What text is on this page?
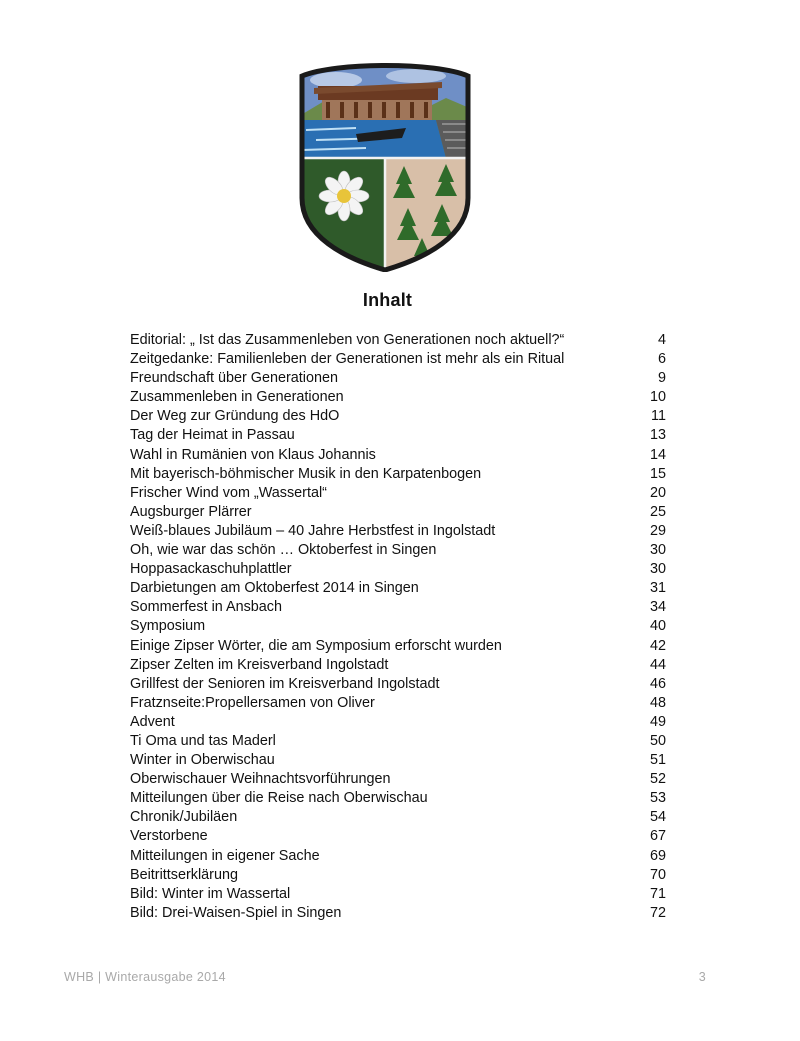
Inhalt
Editorial: „ Ist das Zusammenleben von Generationen noch aktuell?“	4
Zeitgedanke: Familienleben der Generationen ist mehr als ein Ritual	6
Freundschaft über Generationen	9
Zusammenleben in Generationen	10
Der Weg zur Gründung des HdO	11
Tag der Heimat in Passau	13
Wahl in Rumänien von Klaus Johannis	14
Mit bayerisch-böhmischer Musik in den Karpatenbogen	15
Frischer Wind vom „Wassertal“	20
Augsburger Plärrer	25
Weiß-blaues Jubiläum – 40 Jahre Herbstfest in Ingolstadt	29
Oh, wie war das schön … Oktoberfest in Singen	30
Hoppasackaschuhplattler	30
Darbietungen am Oktoberfest 2014 in Singen	31
Sommerfest in Ansbach	34
Symposium	40
Einige Zipser Wörter, die am Symposium erforscht wurden	42
Zipser Zelten im Kreisverband Ingolstadt	44
Grillfest der Senioren im Kreisverband Ingolstadt	46
Fratznseite:Propellersamen von Oliver	48
Advent	49
Ti Oma und tas Maderl	50
Winter in Oberwischau	51
Oberwischauer Weihnachtsvorführungen	52
Mitteilungen über die Reise nach Oberwischau	53
Chronik/Jubiläen	54
Verstorbene	67
Mitteilungen in eigener Sache	69
Beitrittserklärung	70
Bild: Winter im Wassertal	71
Bild: Drei-Waisen-Spiel in Singen	72
WHB | Winterausgabe 2014	3
